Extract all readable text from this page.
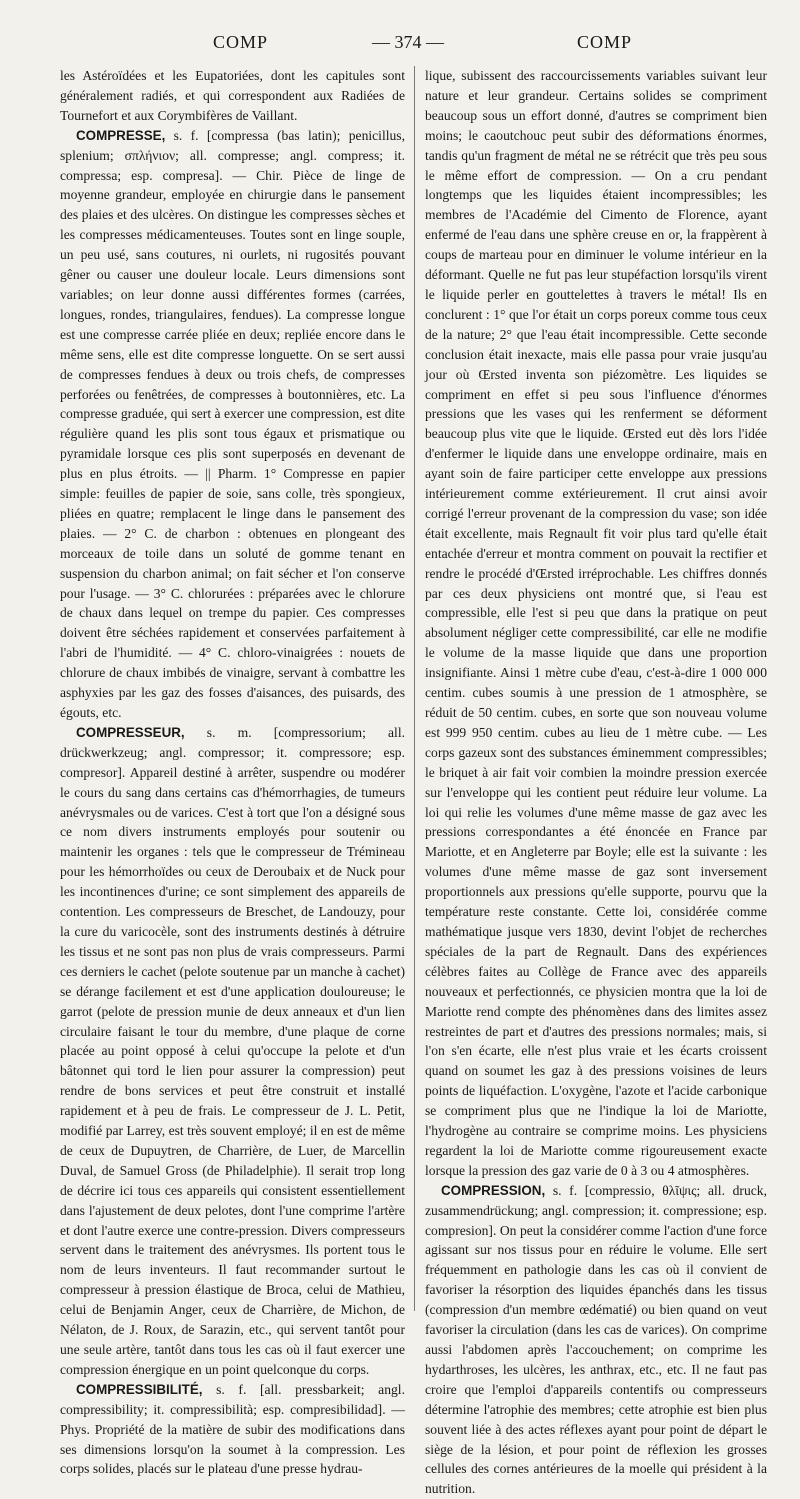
COMP	— 374 —	COMP

les Astéroïdées et les Eupatoriées, dont les capitules sont généralement radiés, et qui correspondent aux Radiées de Tournefort et aux Corymbifères de Vaillant.

COMPRESSE, s. f. [compressa (bas latin); penicillus, splenium; σπλήνιον; all. compresse; angl. compress; it. compressa; esp. compresa]. — Chir. Pièce de linge de moyenne grandeur, employée en chirurgie dans le pansement des plaies et des ulcères. On distingue les compresses sèches et les compresses médicamenteuses. Toutes sont en linge souple, un peu usé, sans coutures, ni ourlets, ni rugosités pouvant gêner ou causer une douleur locale. Leurs dimensions sont variables; on leur donne aussi différentes formes (carrées, longues, rondes, triangulaires, fendues). La compresse longue est une compresse carrée pliée en deux; repliée encore dans le même sens, elle est dite compresse longuette. On se sert aussi de compresses fendues à deux ou trois chefs, de compresses perforées ou fenêtrées, de compresses à boutonnières, etc. La compresse graduée, qui sert à exercer une compression, est dite régulière quand les plis sont tous égaux et prismatique ou pyramidale lorsque ces plis sont superposés en devenant de plus en plus étroits. — || Pharm. 1° Compresse en papier simple: feuilles de papier de soie, sans colle, très spongieux, pliées en quatre; remplacent le linge dans le pansement des plaies. — 2° C. de charbon : obtenues en plongeant des morceaux de toile dans un soluté de gomme tenant en suspension du charbon animal; on fait sécher et l'on conserve pour l'usage. — 3° C. chlorurées : préparées avec le chlorure de chaux dans lequel on trempe du papier. Ces compresses doivent être séchées rapidement et conservées parfaitement à l'abri de l'humidité. — 4° C. chloro-vinaigrées : nouets de chlorure de chaux imbibés de vinaigre, servant à combattre les asphyxies par les gaz des fosses d'aisances, des puisards, des égouts, etc.

COMPRESSEUR, s. m. [compressorium; all. drückwerkzeug; angl. compressor; it. compressore; esp. compresor]. Appareil destiné à arrêter, suspendre ou modérer le cours du sang dans certains cas d'hémorrhagies, de tumeurs anévrysmales ou de varices. C'est à tort que l'on a désigné sous ce nom divers instruments employés pour soutenir ou maintenir les organes : tels que le compresseur de Trémineau pour les hémorrhoïdes ou ceux de Deroubaix et de Nuck pour les incontinences d'urine; ce sont simplement des appareils de contention. Les compresseurs de Breschet, de Landouzy, pour la cure du varicocèle, sont des instruments destinés à détruire les tissus et ne sont pas non plus de vrais compresseurs. Parmi ces derniers le cachet (pelote soutenue par un manche à cachet) se dérange facilement et est d'une application douloureuse; le garrot (pelote de pression munie de deux anneaux et d'un lien circulaire faisant le tour du membre, d'une plaque de corne placée au point opposé à celui qu'occupe la pelote et d'un bâtonnet qui tord le lien pour assurer la compression) peut rendre de bons services et peut être construit et installé rapidement et à peu de frais. Le compresseur de J. L. Petit, modifié par Larrey, est très souvent employé; il en est de même de ceux de Dupuytren, de Charrière, de Luer, de Marcellin Duval, de Samuel Gross (de Philadelphie). Il serait trop long de décrire ici tous ces appareils qui consistent essentiellement dans l'ajustement de deux pelotes, dont l'une comprime l'artère et dont l'autre exerce une contre-pression. Divers compresseurs servent dans le traitement des anévrysmes. Ils portent tous le nom de leurs inventeurs. Il faut recommander surtout le compresseur à pression élastique de Broca, celui de Mathieu, celui de Benjamin Anger, ceux de Charrière, de Michon, de Nélaton, de J. Roux, de Sarazin, etc., qui servent tantôt pour une seule artère, tantôt dans tous les cas où il faut exercer une compression énergique en un point quelconque du corps.

COMPRESSIBILITÉ, s. f. [all. pressbarkeit; angl. compressibility; it. compressibilità; esp. compresibilidad]. — Phys. Propriété de la matière de subir des modifications dans ses dimensions lorsqu'on la soumet à la compression. Les corps solides, placés sur le plateau d'une presse hydrau-

lique, subissent des raccourcissements variables suivant leur nature et leur grandeur. Certains solides se compriment beaucoup sous un effort donné, d'autres se compriment bien moins; le caoutchouc peut subir des déformations énormes, tandis qu'un fragment de métal ne se rétrécit que très peu sous le même effort de compression. — On a cru pendant longtemps que les liquides étaient incompressibles; les membres de l'Académie del Cimento de Florence, ayant enfermé de l'eau dans une sphère creuse en or, la frappèrent à coups de marteau pour en diminuer le volume intérieur en la déformant. Quelle ne fut pas leur stupéfaction lorsqu'ils virent le liquide perler en gouttelettes à travers le métal! Ils en conclurent : 1° que l'or était un corps poreux comme tous ceux de la nature; 2° que l'eau était incompressible. Cette seconde conclusion était inexacte, mais elle passa pour vraie jusqu'au jour où Œrsted inventa son piézomètre. Les liquides se compriment en effet si peu sous l'influence d'énormes pressions que les vases qui les renferment se déforment beaucoup plus vite que le liquide. Œrsted eut dès lors l'idée d'enfermer le liquide dans une enveloppe ordinaire, mais en ayant soin de faire participer cette enveloppe aux pressions intérieurement comme extérieurement. Il crut ainsi avoir corrigé l'erreur provenant de la compression du vase; son idée était excellente, mais Regnault fit voir plus tard qu'elle était entachée d'erreur et montra comment on pouvait la rectifier et rendre le procédé d'Œrsted irréprochable. Les chiffres donnés par ces deux physiciens ont montré que, si l'eau est compressible, elle l'est si peu que dans la pratique on peut absolument négliger cette compressibilité, car elle ne modifie le volume de la masse liquide que dans une proportion insignifiante. Ainsi 1 mètre cube d'eau, c'est-à-dire 1 000 000 centim. cubes soumis à une pression de 1 atmosphère, se réduit de 50 centim. cubes, en sorte que son nouveau volume est 999 950 centim. cubes au lieu de 1 mètre cube. — Les corps gazeux sont des substances éminemment compressibles; le briquet à air fait voir combien la moindre pression exercée sur l'enveloppe qui les contient peut réduire leur volume. La loi qui relie les volumes d'une même masse de gaz avec les pressions correspondantes a été énoncée en France par Mariotte, et en Angleterre par Boyle; elle est la suivante : les volumes d'une même masse de gaz sont inversement proportionnels aux pressions qu'elle supporte, pourvu que la température reste constante. Cette loi, considérée comme mathématique jusque vers 1830, devint l'objet de recherches spéciales de la part de Regnault. Dans des expériences célèbres faites au Collège de France avec des appareils nouveaux et perfectionnés, ce physicien montra que la loi de Mariotte rend compte des phénomènes dans des limites assez restreintes de part et d'autres des pressions normales; mais, si l'on s'en écarte, elle n'est plus vraie et les écarts croissent quand on soumet les gaz à des pressions voisines de leurs points de liquéfaction. L'oxygène, l'azote et l'acide carbonique se compriment plus que ne l'indique la loi de Mariotte, l'hydrogène au contraire se comprime moins. Les physiciens regardent la loi de Mariotte comme rigoureusement exacte lorsque la pression des gaz varie de 0 à 3 ou 4 atmosphères.

COMPRESSION, s. f. [compressio, θλῖψις; all. druck, zusammendrückung; angl. compression; it. compressione; esp. compresion]. On peut la considérer comme l'action d'une force agissant sur nos tissus pour en réduire le volume. Elle sert fréquemment en pathologie dans les cas où il convient de favoriser la résorption des liquides épanchés dans les tissus (compression d'un membre œdématié) ou bien quand on veut favoriser la circulation (dans les cas de varices). On comprime aussi l'abdomen après l'accouchement; on comprime les hydarthroses, les ulcères, les anthrax, etc., etc. Il ne faut pas croire que l'emploi d'appareils contentifs ou compresseurs détermine l'atrophie des membres; cette atrophie est bien plus souvent liée à des actes réflexes ayant pour point de départ le siège de la lésion, et pour point de réflexion les grosses cellules des cornes antérieures de la moelle qui président à la nutrition.
